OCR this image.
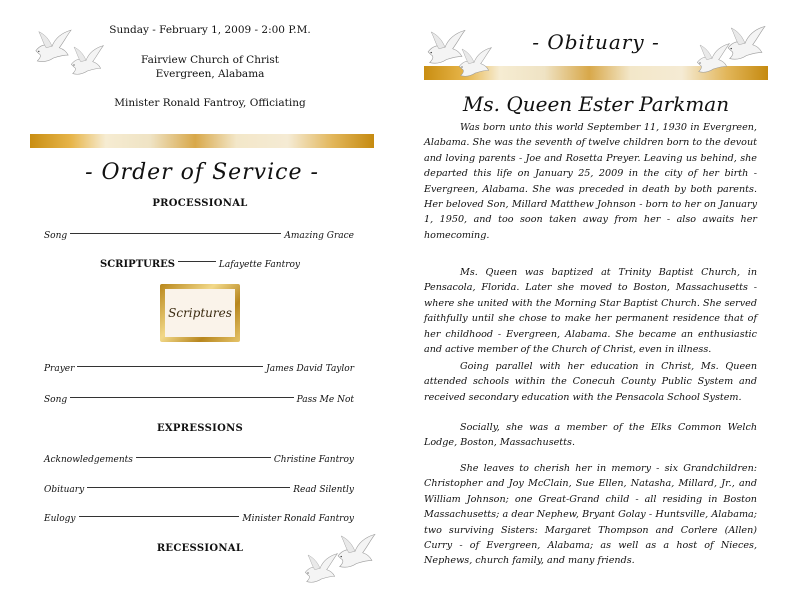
Sunday - February 1, 2009 - 2:00 P.M.
Fairview Church of Christ
Evergreen, Alabama
Minister Ronald Fantroy, Officiating
- Order of Service -
PROCESSIONAL
Song	Amazing Grace
SCRIPTURES	Lafayette Fantroy
Scriptures
Prayer	James David Taylor
Song	Pass Me Not
EXPRESSIONS
Acknowledgements	Christine Fantroy
Obituary	Read Silently
Eulogy	Minister Ronald Fantroy
RECESSIONAL
- Obituary -
Ms. Queen Ester Parkman

Was born unto this world September 11, 1930 in Evergreen, Alabama. She was the seventh of twelve children born to the devout and loving parents - Joe and Rosetta Preyer. Leaving us behind, she departed this life on January 25, 2009 in the city of her birth - Evergreen, Alabama. She was preceded in death by both parents. Her beloved Son, Millard Matthew Johnson - born to her on January 1, 1950, and too soon taken away from her - also awaits her homecoming.

Ms. Queen was baptized at Trinity Baptist Church, in Pensacola, Florida. Later she moved to Boston, Massachusetts - where she united with the Morning Star Baptist Church. She served faithfully until she chose to make her permanent residence that of her childhood - Evergreen, Alabama. She became an enthusiastic and active member of the Church of Christ, even in illness.

Going parallel with her education in Christ, Ms. Queen attended schools within the Conecuh County Public System and received secondary education with the Pensacola School System.

Socially, she was a member of the Elks Common Welch Lodge, Boston, Massachusetts.

She leaves to cherish her in memory - six Grandchildren: Christopher and Joy McClain, Sue Ellen, Natasha, Millard, Jr., and William Johnson; one Great-Grand child - all residing in Boston Massachusetts; a dear Nephew, Bryant Golay - Huntsville, Alabama; two surviving Sisters: Margaret Thompson and Corlere (Allen) Curry - of Evergreen, Alabama; as well as a host of Nieces, Nephews, church family, and many friends.
